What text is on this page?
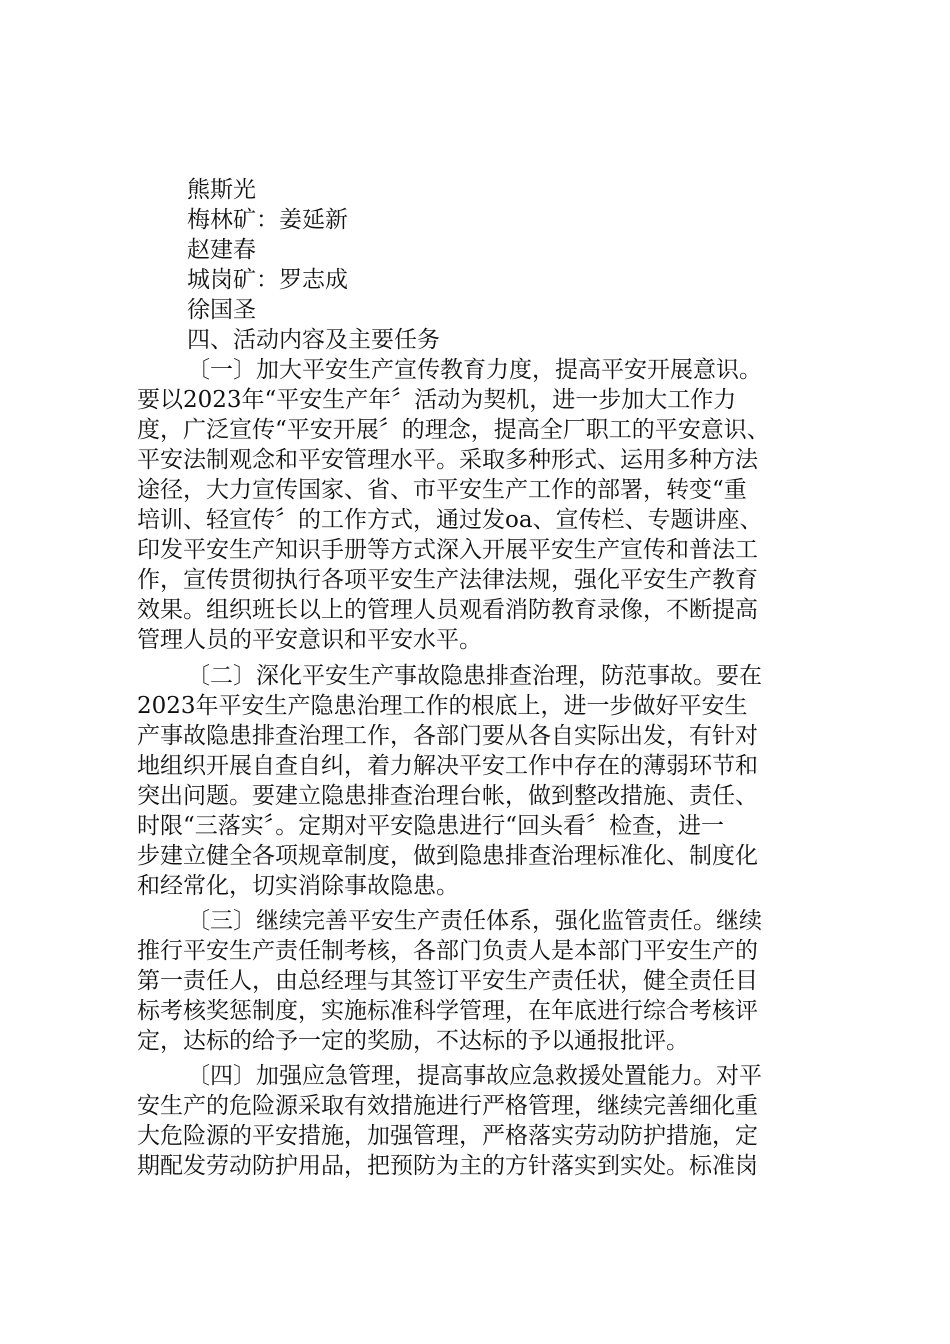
熊斯光
梅林矿：姜延新
赵建春
城岗矿：罗志成
徐国圣
四、活动内容及主要任务
〔一〕加大平安生产宣传教育力度，提高平安开展意识。
要以2023年“平安生产年〞活动为契机，进一步加大工作力
度，广泛宣传“平安开展〞的理念，提高全厂职工的平安意识、
平安法制观念和平安管理水平。采取多种形式、运用多种方法
途径，大力宣传国家、省、市平安生产工作的部署，转变“重
培训、轻宣传〞的工作方式，通过发oa、宣传栏、专题讲座、
印发平安生产知识手册等方式深入开展平安生产宣传和普法工
作，宣传贯彻执行各项平安生产法律法规，强化平安生产教育
效果。组织班长以上的管理人员观看消防教育录像，不断提高
管理人员的平安意识和平安水平。
〔二〕深化平安生产事故隐患排查治理，防范事故。要在
2023年平安生产隐患治理工作的根底上，进一步做好平安生
产事故隐患排查治理工作，各部门要从各自实际出发，有针对
地组织开展自查自纠，着力解决平安工作中存在的薄弱环节和
突出问题。要建立隐患排查治理台帐，做到整改措施、责任、
时限“三落实〞。定期对平安隐患进行“回头看〞检查，进一
步建立健全各项规章制度，做到隐患排查治理标准化、制度化
和经常化，切实消除事故隐患。
〔三〕继续完善平安生产责任体系，强化监管责任。继续
推行平安生产责任制考核，各部门负责人是本部门平安生产的
第一责任人，由总经理与其签订平安生产责任状，健全责任目
标考核奖惩制度，实施标准科学管理，在年底进行综合考核评
定，达标的给予一定的奖励，不达标的予以通报批评。
〔四〕加强应急管理，提高事故应急救援处置能力。对平
安生产的危险源采取有效措施进行严格管理，继续完善细化重
大危险源的平安措施，加强管理，严格落实劳动防护措施，定
期配发劳动防护用品，把预防为主的方针落实到实处。标准岗
